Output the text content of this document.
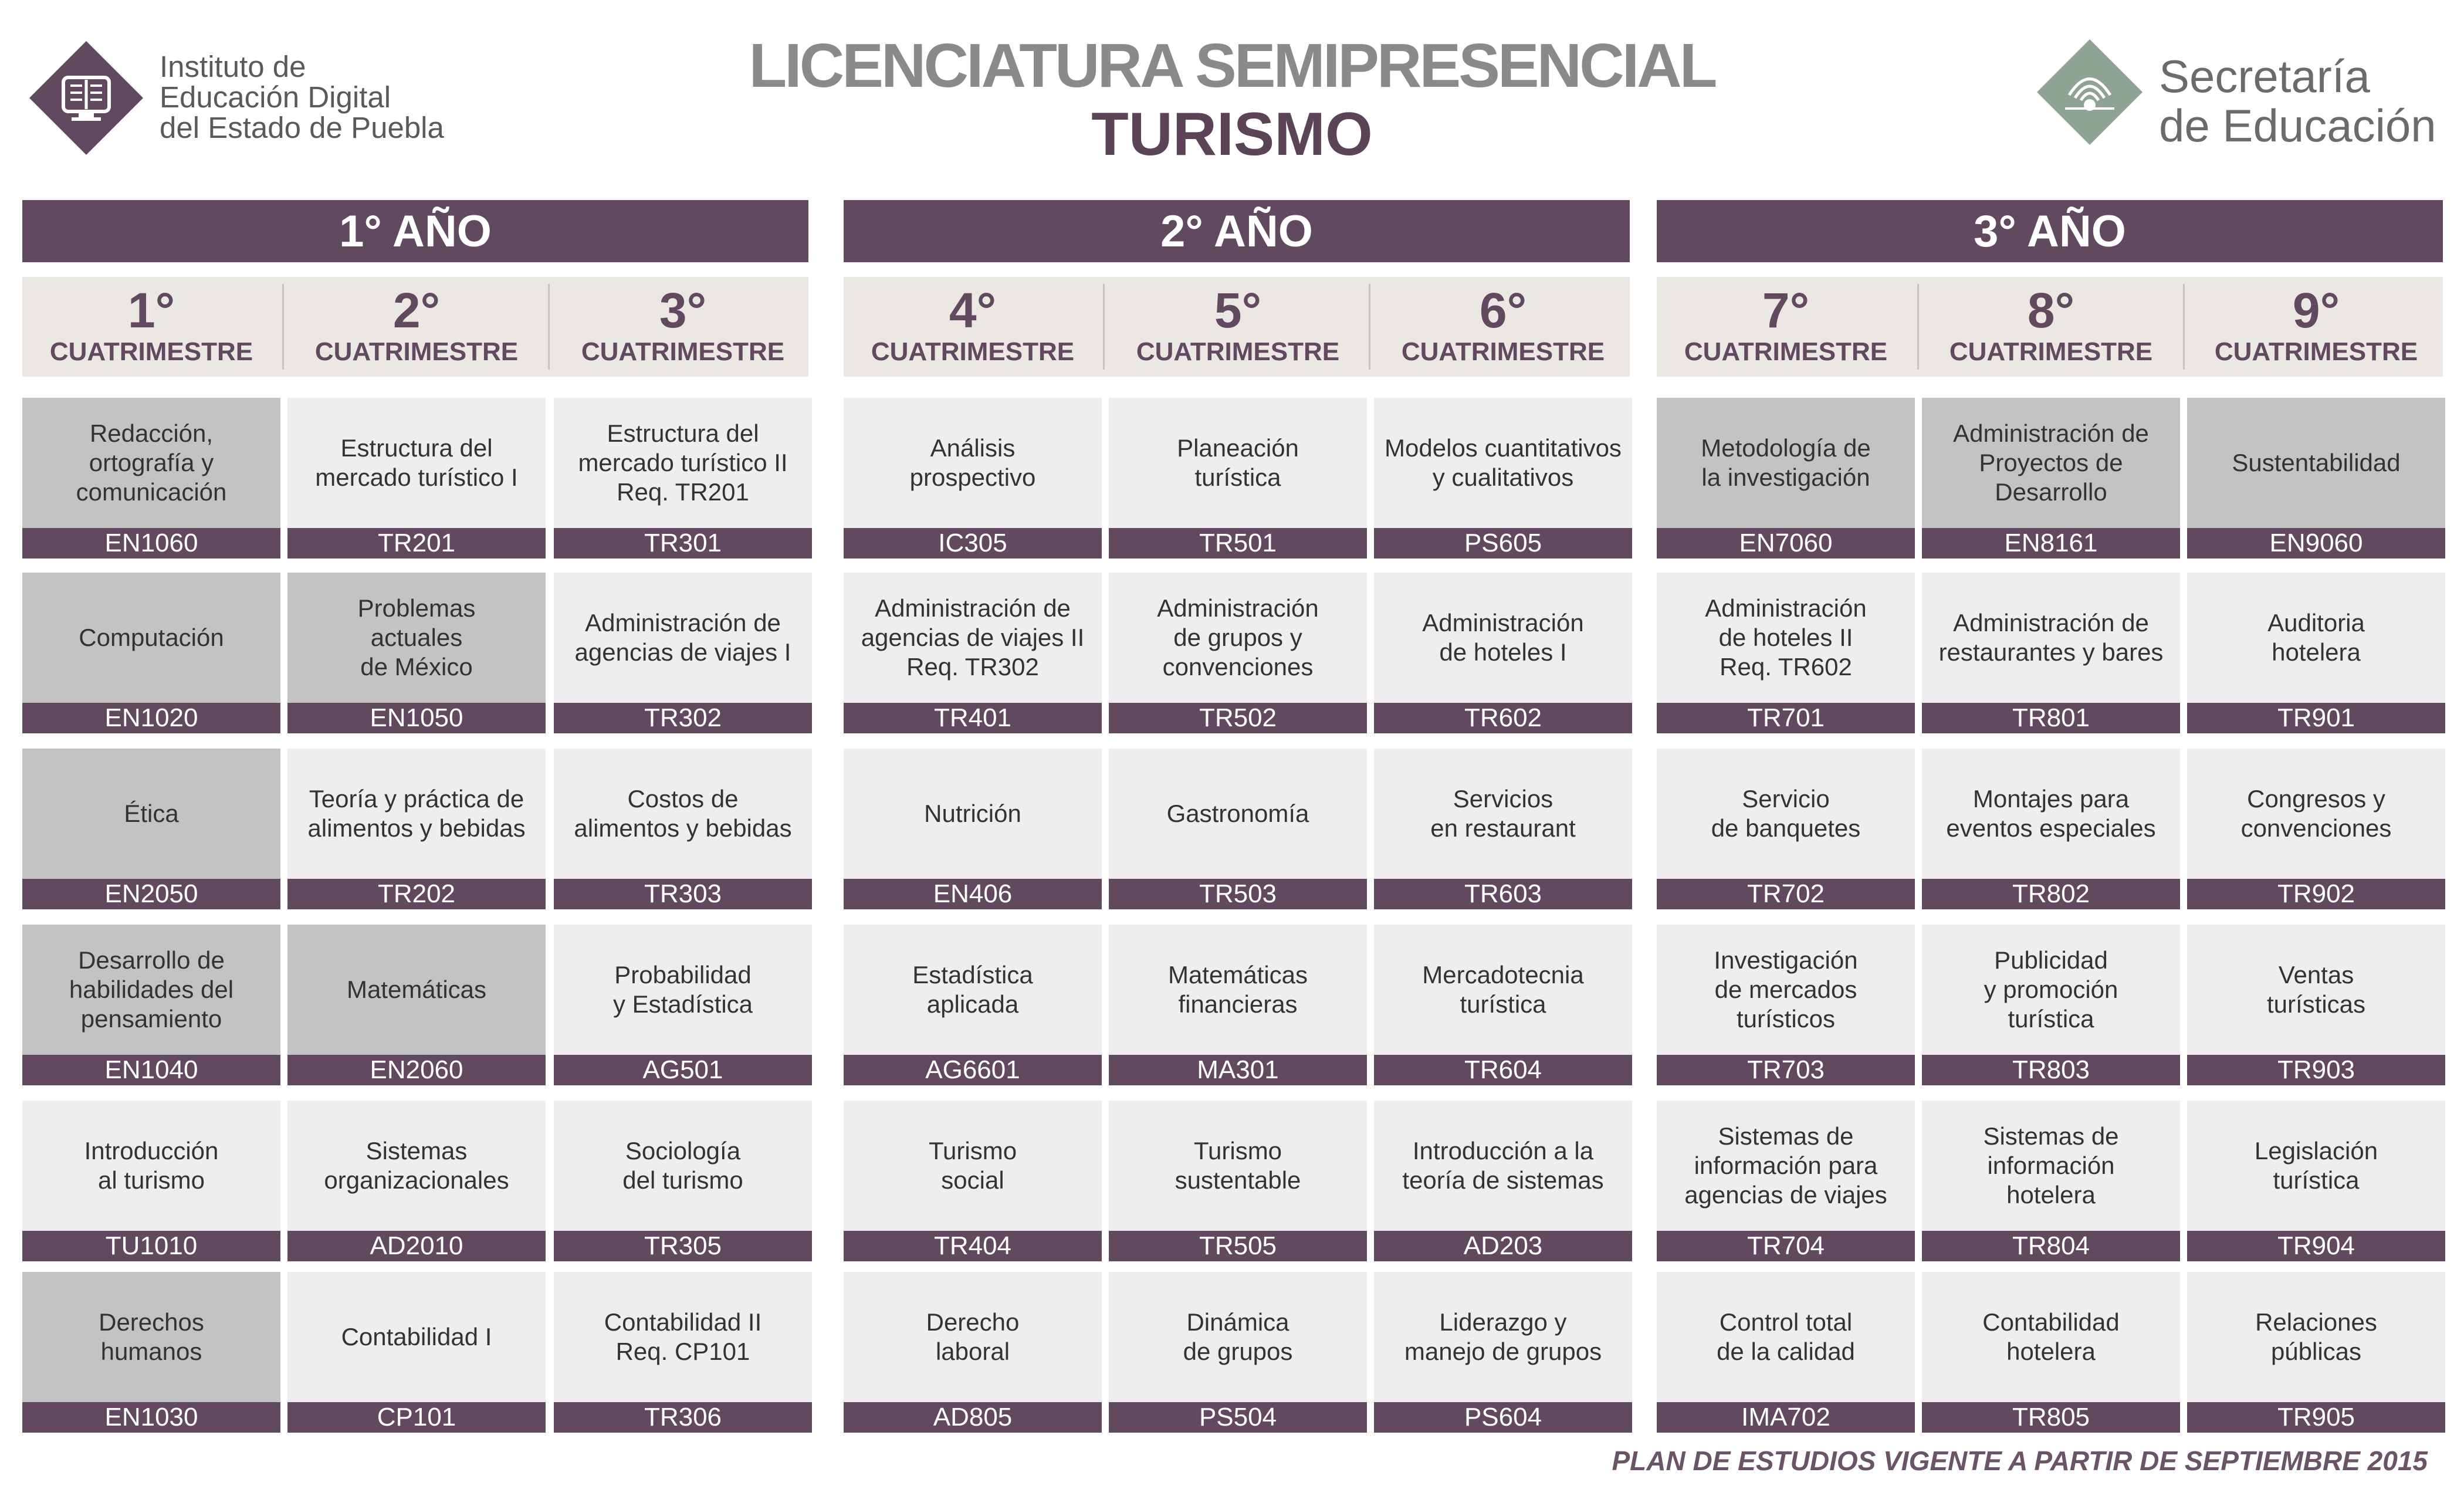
Instituto de
Educación Digital
del Estado de Puebla
LICENCIATURA SEMIPRESENCIAL
TURISMO
Secretaría
de Educación
1° AÑO	2° AÑO	3° AÑO
1°
CUATRIMESTRE
2°
CUATRIMESTRE
3°
CUATRIMESTRE
4°
CUATRIMESTRE
5°
CUATRIMESTRE
6°
CUATRIMESTRE
7°
CUATRIMESTRE
8°
CUATRIMESTRE
9°
CUATRIMESTRE
Redacción,
ortografía y
comunicación
EN1060
Estructura del
mercado turístico I
TR201
Estructura del
mercado turístico II
Req. TR201
TR301
Análisis
prospectivo
IC305
Planeación
turística
TR501
Modelos cuantitativos
y cualitativos
PS605
Metodología de
la investigación
EN7060
Administración de
Proyectos de
Desarrollo
EN8161
Sustentabilidad
EN9060
Computación
EN1020
Problemas
actuales
de México
EN1050
Administración de
agencias de viajes I
TR302
Administración de
agencias de viajes II
Req. TR302
TR401
Administración
de grupos y
convenciones
TR502
Administración
de hoteles I
TR602
Administración
de hoteles II
Req. TR602
TR701
Administración de
restaurantes y bares
TR801
Auditoria
hotelera
TR901
Ética
EN2050
Teoría y práctica de
alimentos y bebidas
TR202
Costos de
alimentos y bebidas
TR303
Nutrición
EN406
Gastronomía
TR503
Servicios
en restaurant
TR603
Servicio
de banquetes
TR702
Montajes para
eventos especiales
TR802
Congresos y
convenciones
TR902
Desarrollo de
habilidades del
pensamiento
EN1040
Matemáticas
EN2060
Probabilidad
y Estadística
AG501
Estadística
aplicada
AG6601
Matemáticas
financieras
MA301
Mercadotecnia
turística
TR604
Investigación
de mercados
turísticos
TR703
Publicidad
y promoción
turística
TR803
Ventas
turísticas
TR903
Introducción
al turismo
TU1010
Sistemas
organizacionales
AD2010
Sociología
del turismo
TR305
Turismo
social
TR404
Turismo
sustentable
TR505
Introducción a la
teoría de sistemas
AD203
Sistemas de
información para
agencias de viajes
TR704
Sistemas de
información
hotelera
TR804
Legislación
turística
TR904
Derechos
humanos
EN1030
Contabilidad I
CP101
Contabilidad II
Req. CP101
TR306
Derecho
laboral
AD805
Dinámica
de grupos
PS504
Liderazgo y
manejo de grupos
PS604
Control total
de la calidad
IMA702
Contabilidad
hotelera
TR805
Relaciones
públicas
TR905
PLAN DE ESTUDIOS VIGENTE A PARTIR DE SEPTIEMBRE 2015
